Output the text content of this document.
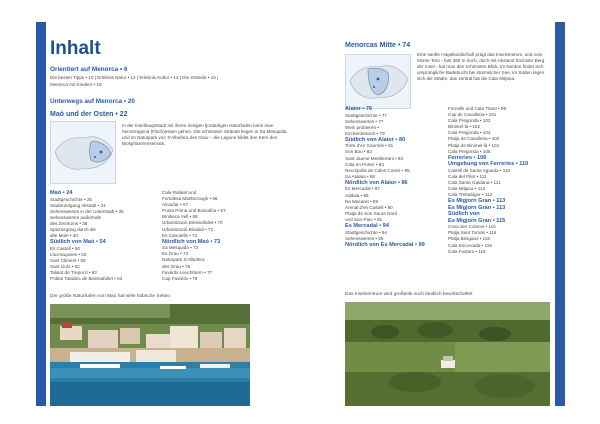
Inhalt
Orientiert auf Menorca • 6
Die besten Tipps • 10 | Erlebnis Natur • 12 | Erlebnis Kultur • 14 | Die Strände • 16 |
Menorca mit Kindern • 18
Unterwegs auf Menorca • 20
Maó und der Osten • 22
In der Inselhauptstadt mit ihrem riesigen fjordartigen Naturhafen kann man hervorragend (Fisch)essen gehen. Die schönsten Strände liegen in Sa Mesquida und im Naturpark von S'Albufera des Grau – die Lagune bildet den Kern des Biosphärenreservats.
Maó • 24
Stadtgeschichte • 25
Stadtrundgang Altstadt • 31
Sehenswertes in der Unterstadt • 35
Sehenswertes außerhalb
des Zentrums • 38
Spaziergang durch die
alte Mole • 40
Südlich von Maó • 54
Es Castell • 50
Llucmaçanes • 53
Sant Climent • 59
Sant Lluís • 62
Talaiot de Trepucó • 63
Poblat Talaiòtic de Binissafullet • 63
Cala Rafalet und
Fortalesa Marlborough • 66
Alcaufar • 67
Punta Prima und Binisafúa • 67
Binibeca Vell • 68
Urbanització Binissafullet • 70
Urbanització Binidalí • 71
Es Canutells • 72
Nördlich von Maó • 73
Sa Mesquida • 73
Es Grau • 74
Naturpark S'Albufera
des Grau • 76
Favàritx-Leuchtturm • 77
Cap Favàritx • 78
Der große Naturhafen von Maó hat viele hübsche Seiten
Menorcas Mitte • 74
Eine sanfte Hügellandschaft prägt das Inselzentrum, und vom Monte Toro - fast 360 m hoch, doch mit Abstand höchster Berg der Insel - hat man den schönsten Blick. Im Norden findet sich ursprüngliche Badebucht bei stürmischer See, im Süden legen sich die Städte, das zentral hat die Cala Mitjana.
Alaior • 76
Stadtgeschichte • 77
Sehenswertes • 77
Wein probieren •
Kirchenbesuch • 79
Südlich von Alaior • 80
Torre d'en Gaumés • 81
Son Bou • 82
Sant Jaume Mediterrani • 83
Cala en Porter • 84
Necròpolis de Cales Coves • 85
Sa Atalaia • 86
Nördlich von Alaior • 86
Es Mercadal • 87
Addaia • 88
Na Macaret • 89
Arenal d'en Castell • 90
Platja de Son Saura Nord
und Son Parc • 91
Es Mercadal • 94
Stadtgeschichte • 94
Sehenswertes • 95
Nördlich von Es Mercadal • 99
Fornells und Cala Tirant • 99
Cap de Cavalleria • 101
Cala Pregonda • 103
Binimel-là • 102
Cala Pregonda • 103
Platja de Cavalleria • 102
Platja de Binimel-là • 104
Cala Pregonda • 105
Ferreries • 106
Umgebung von Ferreries • 110
Castell de Santa Agueda • 110
Cala del Pilar • 111
Cala Santa Galdana • 111
Cala Mitjana • 112
Cala Trebalúger • 112
Es Migjorn Gran • 113
Es Migjorn Gran • 113
Südlich von
Es Migjorn Gran • 115
Cova des Coloms • 115
Platja Sant Tomàs • 116
Platja Binigaus • 116
Cala Escorxada • 116
Cala Fustam • 116
Das Inselzentrum wird großteils noch ländlich bewirtschaftet
